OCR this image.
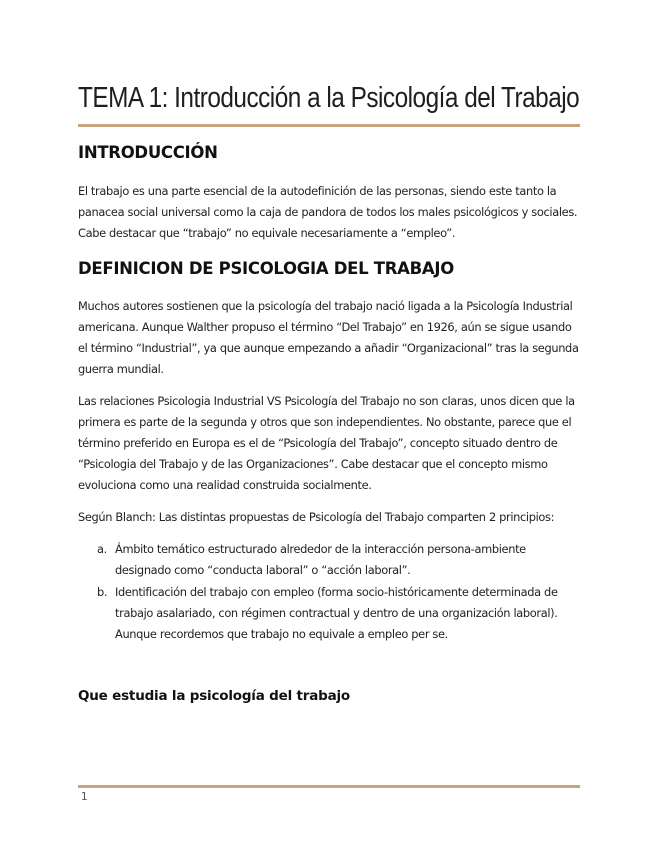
TEMA 1: Introducción a la Psicología del Trabajo
INTRODUCCIÓN

El trabajo es una parte esencial de la autodefinición de las personas, siendo este tanto la panacea social universal como la caja de pandora de todos los males psicológicos y sociales. Cabe destacar que “trabajo” no equivale necesariamente a “empleo”.

DEFINICION DE PSICOLOGIA DEL TRABAJO

Muchos autores sostienen que la psicología del trabajo nació ligada a la Psicología Industrial americana. Aunque Walther propuso el término “Del Trabajo” en 1926, aún se sigue usando el término “Industrial”, ya que aunque empezando a añadir “Organizacional” tras la segunda guerra mundial.

Las relaciones Psicologia Industrial VS Psicología del Trabajo no son claras, unos dicen que la primera es parte de la segunda y otros que son independientes. No obstante, parece que el término preferido en Europa es el de “Psicología del Trabajo”, concepto situado dentro de “Psicologia del Trabajo y de las Organizaciones”. Cabe destacar que el concepto mismo evoluciona como una realidad construida socialmente.

Según Blanch: Las distintas propuestas de Psicología del Trabajo comparten 2 principios:

a. Ámbito temático estructurado alrededor de la interacción persona-ambiente designado como “conducta laboral” o “acción laboral”.
b. Identificación del trabajo con empleo (forma socio-históricamente determinada de trabajo asalariado, con régimen contractual y dentro de una organización laboral). Aunque recordemos que trabajo no equivale a empleo per se.
Que estudia la psicología del trabajo
1
